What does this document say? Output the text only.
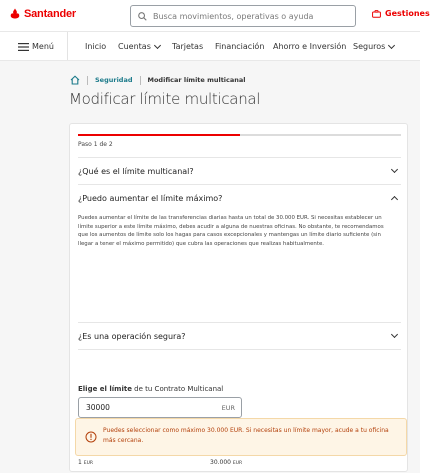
Santander
Busca movimientos, operativas o ayuda	Gestiones
Menú	Inicio Cuentas	Tarjetas Financiación Ahorro e Inversión Seguros
Seguridad Modificar límite multicanal
Modificar límite multicanal
Paso 1 de 2
¿Qué es el límite multicanal?
¿Puedo aumentar el límite máximo?
Puedes aumentar el límite de las transferencias diarias hasta un total de 30.000 EUR. Si necesitas establecer un límite superior a este límite máximo, debes acudir a alguna de nuestras oficinas. No obstante, te recomendamos que los aumentos de límite solo los hagas para casos excepcionales y mantengas un límite diario suficiente (sin llegar a tener el máximo permitido) que cubra las operaciones que realizas habitualmente.
¿Es una operación segura?
Elige el límite de tu Contrato Multicanal
30000
EUR
1 EUR	30.000 EUR

Puedes seleccionar como máximo 30.000 EUR. Si necesitas un límite mayor, acude a tu oficina más cercana.
